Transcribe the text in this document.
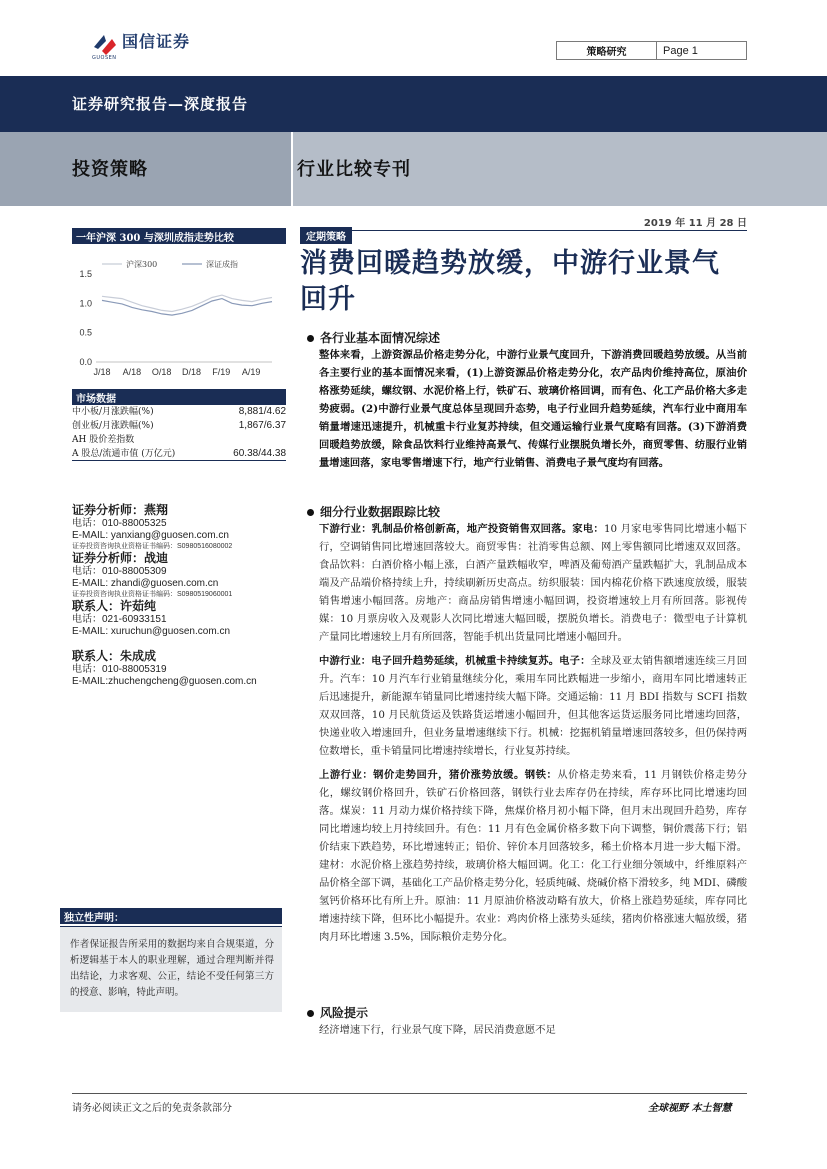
GUOSEN
国信证券
策略研究	Page 1
证券研究报告—深度报告
投资策略	行业比较专刊
2019 年 11 月 28 日
一年沪深 300 与深圳成指走势比较
0.0
0.5
1.0
1.5
J/18 A/18 O/18 D/18 F/19 A/19
沪深300	深证成指
市场数据
中小板/月涨跌幅(%)	8,881/4.62
创业板/月涨跌幅(%)	1,867/6.37
AH 股价差指数
A 股总/流通市值 (万亿元)	60.38/44.38
证券分析师：燕翔
电话：010-88005325
E-MAIL: yanxiang@guosen.com.cn
证券投资咨询执业资格证书编码：S0980516080002
证券分析师：战迪
电话：010-88005309
E-MAIL: zhandi@guosen.com.cn
证券投资咨询执业资格证书编码：S0980519060001
联系人：许茹纯
电话：021-60933151
E-MAIL: xuruchun@guosen.com.cn
联系人：朱成成
电话：010-88005319
E-MAIL:zhuchengcheng@guosen.com.cn
独立性声明：
作者保证报告所采用的数据均来自合规渠道，分析逻辑基于本人的职业理解，通过合理判断并得出结论，力求客观、公正，结论不受任何第三方的授意、影响，特此声明。
定期策略
消费回暖趋势放缓，中游行业景气回升
各行业基本面情况综述
整体来看，上游资源品价格走势分化，中游行业景气度回升，下游消费回暖趋势放缓。从当前各主要行业的基本面情况来看，(1)上游资源品价格走势分化，农产品肉价维持高位，原油价格涨势延续，螺纹钢、水泥价格上行，铁矿石、玻璃价格回调，而有色、化工产品价格大多走势疲弱。(2)中游行业景气度总体呈现回升态势，电子行业回升趋势延续，汽车行业中商用车销量增速迅速提升，机械重卡行业复苏持续，但交通运输行业景气度略有回落。(3)下游消费回暖趋势放缓，除食品饮料行业维持高景气、传媒行业摆脱负增长外，商贸零售、纺服行业销量增速回落，家电零售增速下行，地产行业销售、消费电子景气度均有回落。
细分行业数据跟踪比较
下游行业：乳制品价格创新高，地产投资销售双回落。家电：10 月家电零售同比增速小幅下行，空调销售同比增速回落较大。商贸零售：社消零售总额、网上零售额同比增速双双回落。食品饮料：白酒价格小幅上涨，白酒产量跌幅收窄，啤酒及葡萄酒产量跌幅扩大，乳制品成本端及产品端价格持续上升，持续刷新历史高点。纺织服装：国内棉花价格下跌速度放缓，服装销售增速小幅回落。房地产：商品房销售增速小幅回调，投资增速较上月有所回落。影视传媒：10 月票房收入及观影人次同比增速大幅回暖，摆脱负增长。消费电子：微型电子计算机产量同比增速较上月有所回落，智能手机出货量同比增速小幅回升。
中游行业：电子回升趋势延续，机械重卡持续复苏。电子：全球及亚太销售额增速连续三月回升。汽车：10 月汽车行业销量继续分化，乘用车同比跌幅进一步缩小，商用车同比增速转正后迅速提升，新能源车销量同比增速持续大幅下降。交通运输：11 月 BDI 指数与 SCFI 指数双双回落，10 月民航货运及铁路货运增速小幅回升，但其他客运货运服务同比增速均回落，快递业收入增速回升，但业务量增速继续下行。机械：挖掘机销量增速回落较多，但仍保持两位数增长，重卡销量同比增速持续增长，行业复苏持续。
上游行业：钢价走势回升，猪价涨势放缓。钢铁：从价格走势来看，11 月钢铁价格走势分化，螺纹钢价格回升，铁矿石价格回落，钢铁行业去库存仍在持续，库存环比同比增速均回落。煤炭：11 月动力煤价格持续下降，焦煤价格月初小幅下降，但月末出现回升趋势，库存同比增速均较上月持续回升。有色：11 月有色金属价格多数下向下调整，铜价震荡下行；铝价结束下跌趋势，环比增速转正；铅价、锌价本月回落较多，稀土价格本月进一步大幅下滑。建材：水泥价格上涨趋势持续，玻璃价格大幅回调。化工：化工行业细分领域中，纤维原料产品价格全部下调，基础化工产品价格走势分化，轻质纯碱、烧碱价格下滑较多，纯 MDI、磷酸氢钙价格环比有所上升。原油：11 月原油价格波动略有放大，价格上涨趋势延续，库存同比增速持续下降，但环比小幅提升。农业：鸡肉价格上涨势头延续，猪肉价格涨速大幅放缓，猪肉月环比增速 3.5%，国际粮价走势分化。
风险提示
经济增速下行，行业景气度下降，居民消费意愿不足
请务必阅读正文之后的免责条款部分	全球视野 本土智慧
